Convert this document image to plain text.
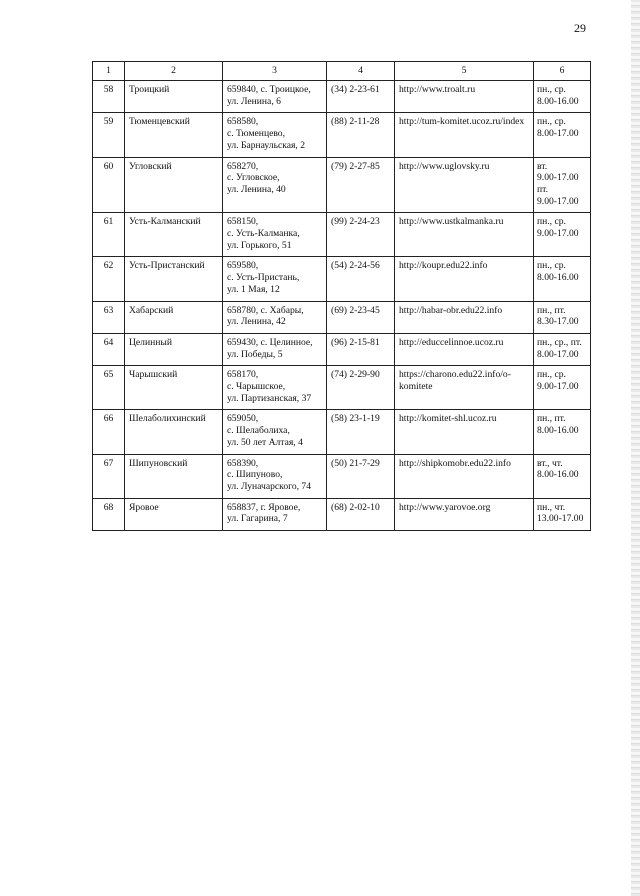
29
1	2	3	4	5	6
58	Троицкий	659840, с. Троицкое,
ул. Ленина, 6	(34) 2-23-61	http://www.troalt.ru	пн., ср.
8.00-16.00

59	Тюменцевский	658580,
с. Тюменцево,
ул. Барнаульская, 2	(88) 2-11-28	http://tum-komitet.ucoz.ru/index	пн., ср.
8.00-17.00

60	Угловский	658270,
с. Угловское,
ул. Ленина, 40	(79) 2-27-85	http://www.uglovsky.ru	вт.
9.00-17.00
пт.
9.00-17.00

61	Усть-Калманский	658150,
с. Усть-Калманка,
ул. Горького, 51	(99) 2-24-23	http://www.ustkalmanka.ru	пн., ср.
9.00-17.00

62	Усть-Пристанский	659580,
с. Усть-Пристань,
ул. 1 Мая, 12	(54) 2-24-56	http://koupr.edu22.info	пн., ср.
8.00-16.00

63	Хабарский	658780, с. Хабары,
ул. Ленина, 42	(69) 2-23-45	http://habar-obr.edu22.info	пн., пт.
8.30-17.00

64	Целинный	659430, с. Целинное,
ул. Победы, 5	(96) 2-15-81	http://educcelinnoe.ucoz.ru	пн., ср., пт.
8.00-17.00

65	Чарышский	658170,
с. Чарышское,
ул. Партизанская, 37	(74) 2-29-90	https://charono.edu22.info/o-komitete	пн., ср.
9.00-17.00

66	Шелаболихинский	659050,
с. Шелаболиха,
ул. 50 лет Алтая, 4	(58) 23-1-19	http://komitet-shl.ucoz.ru	пн., пт.
8.00-16.00

67	Шипуновский	658390,
с. Шипуново,
ул. Луначарского, 74	(50) 21-7-29	http://shipkomobr.edu22.info	вт., чт.
8.00-16.00

68	Яровое	658837, г. Яровое,
ул. Гагарина, 7	(68) 2-02-10	http://www.yarovoe.org	пн., чт.
13.00-17.00
